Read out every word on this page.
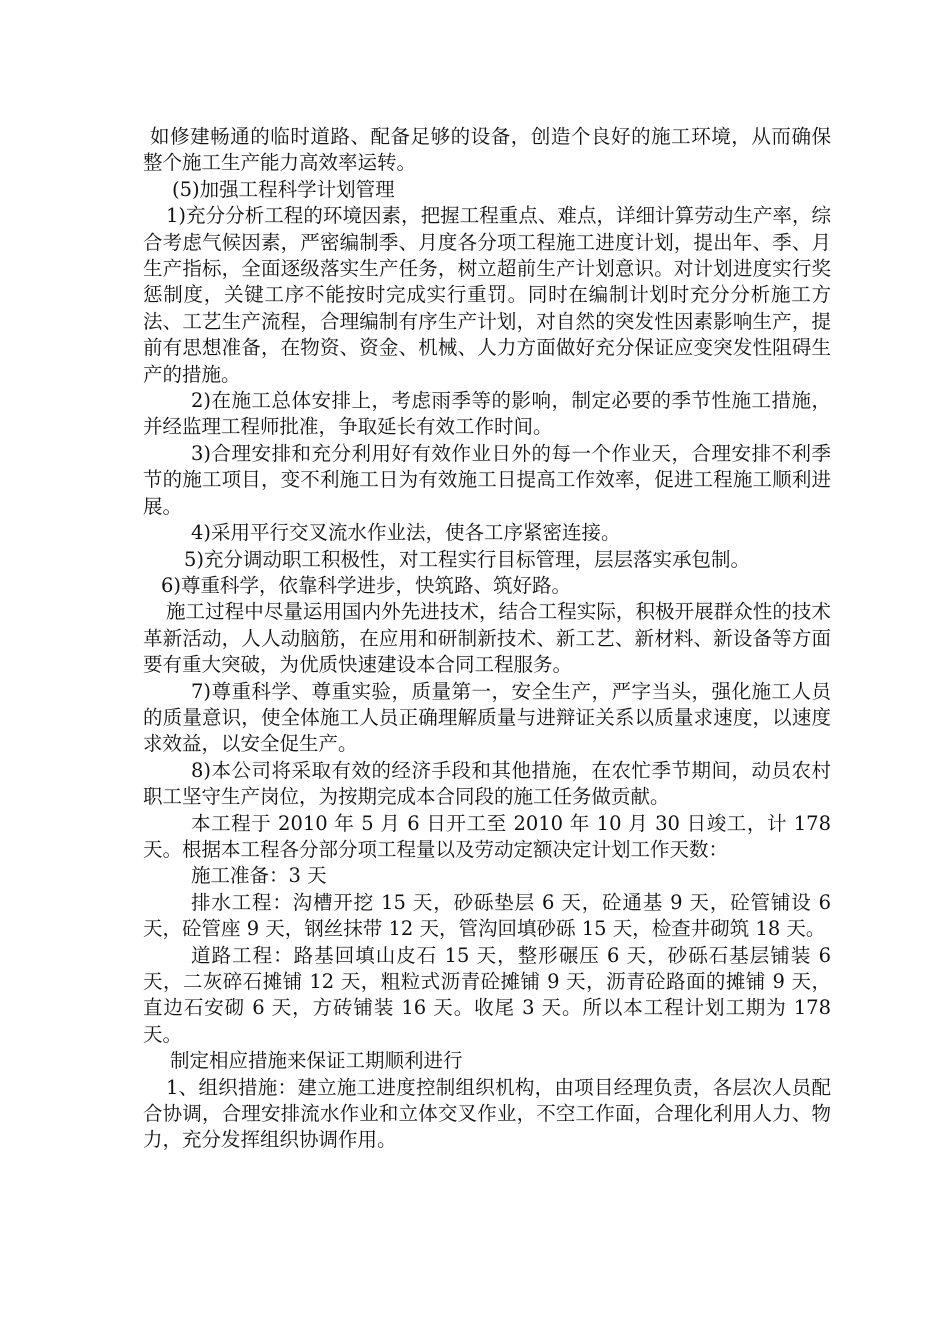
如修建畅通的临时道路、配备足够的设备，创造个良好的施工环境，从而确保整个施工生产能力高效率运转。

(5)加强工程科学计划管理

1)充分分析工程的环境因素，把握工程重点、难点，详细计算劳动生产率，综合考虑气候因素，严密编制季、月度各分项工程施工进度计划，提出年、季、月生产指标，全面逐级落实生产任务，树立超前生产计划意识。对计划进度实行奖惩制度，关键工序不能按时完成实行重罚。同时在编制计划时充分分析施工方法、工艺生产流程，合理编制有序生产计划，对自然的突发性因素影响生产，提前有思想准备，在物资、资金、机械、人力方面做好充分保证应变突发性阻碍生产的措施。

2)在施工总体安排上，考虑雨季等的影响，制定必要的季节性施工措施，并经监理工程师批准，争取延长有效工作时间。

3)合理安排和充分利用好有效作业日外的每一个作业天，合理安排不利季节的施工项目，变不利施工日为有效施工日提高工作效率，促进工程施工顺利进展。

4)采用平行交叉流水作业法，使各工序紧密连接。

5)充分调动职工积极性，对工程实行目标管理，层层落实承包制。

6)尊重科学，依靠科学进步，快筑路、筑好路。

施工过程中尽量运用国内外先进技术，结合工程实际，积极开展群众性的技术革新活动，人人动脑筋，在应用和研制新技术、新工艺、新材料、新设备等方面要有重大突破，为优质快速建设本合同工程服务。

7)尊重科学、尊重实验，质量第一，安全生产，严字当头，强化施工人员的质量意识，使全体施工人员正确理解质量与进辩证关系以质量求速度，以速度求效益，以安全促生产。

8)本公司将采取有效的经济手段和其他措施，在农忙季节期间，动员农村职工坚守生产岗位，为按期完成本合同段的施工任务做贡献。

本工程于 2010 年 5 月 6 日开工至 2010 年 10 月 30 日竣工，计 178 天。根据本工程各分部分项工程量以及劳动定额决定计划工作天数：

施工准备：3 天

排水工程：沟槽开挖 15 天，砂砾垫层 6 天，砼通基 9 天，砼管铺设 6 天，砼管座 9 天，钢丝抹带 12 天，管沟回填砂砾 15 天，检查井砌筑 18 天。

道路工程：路基回填山皮石 15 天，整形碾压 6 天，砂砾石基层铺装 6 天，二灰碎石摊铺 12 天，粗粒式沥青砼摊铺 9 天，沥青砼路面的摊铺 9 天，直边石安砌 6 天，方砖铺装 16 天。收尾 3 天。所以本工程计划工期为 178 天。

制定相应措施来保证工期顺利进行

1、组织措施：建立施工进度控制组织机构，由项目经理负责，各层次人员配合协调，合理安排流水作业和立体交叉作业，不空工作面，合理化利用人力、物力，充分发挥组织协调作用。
